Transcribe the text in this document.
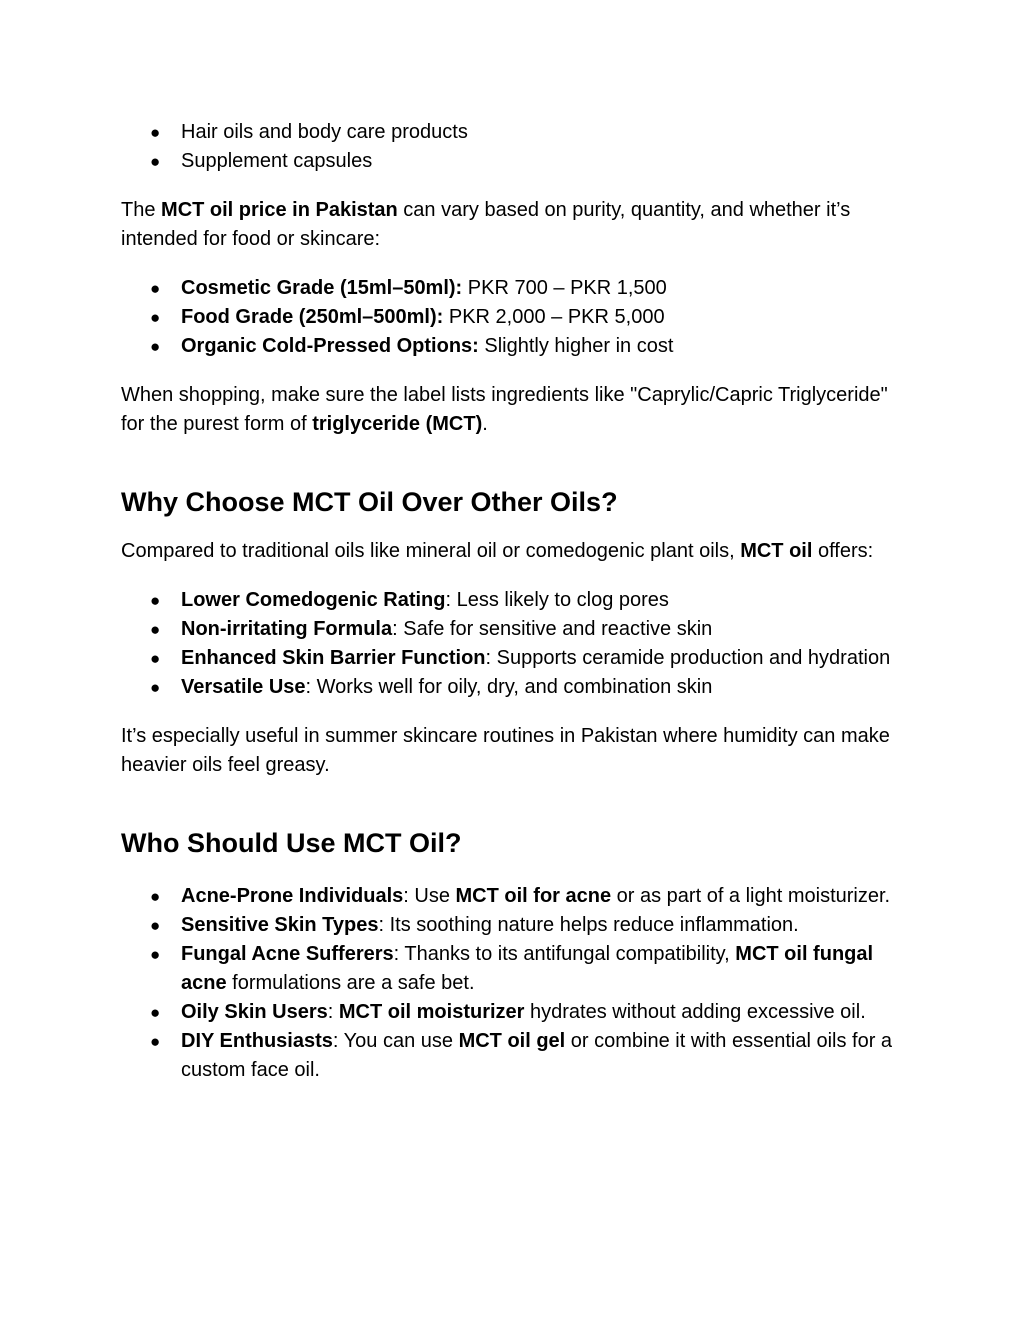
● Hair oils and body care products
● Supplement capsules

The MCT oil price in Pakistan can vary based on purity, quantity, and whether it’s intended for food or skincare:

● Cosmetic Grade (15ml–50ml): PKR 700 – PKR 1,500
● Food Grade (250ml–500ml): PKR 2,000 – PKR 5,000
● Organic Cold-Pressed Options: Slightly higher in cost

When shopping, make sure the label lists ingredients like "Caprylic/Capric Triglyceride" for the purest form of triglyceride (MCT).

Why Choose MCT Oil Over Other Oils?

Compared to traditional oils like mineral oil or comedogenic plant oils, MCT oil offers:

● Lower Comedogenic Rating: Less likely to clog pores
● Non-irritating Formula: Safe for sensitive and reactive skin
● Enhanced Skin Barrier Function: Supports ceramide production and hydration
● Versatile Use: Works well for oily, dry, and combination skin

It’s especially useful in summer skincare routines in Pakistan where humidity can make heavier oils feel greasy.

Who Should Use MCT Oil?
● Acne-Prone Individuals: Use MCT oil for acne or as part of a light moisturizer.
● Sensitive Skin Types: Its soothing nature helps reduce inflammation.
● Fungal Acne Sufferers: Thanks to its antifungal compatibility, MCT oil fungal acne formulations are a safe bet.
● Oily Skin Users: MCT oil moisturizer hydrates without adding excessive oil.
● DIY Enthusiasts: You can use MCT oil gel or combine it with essential oils for a custom face oil.
